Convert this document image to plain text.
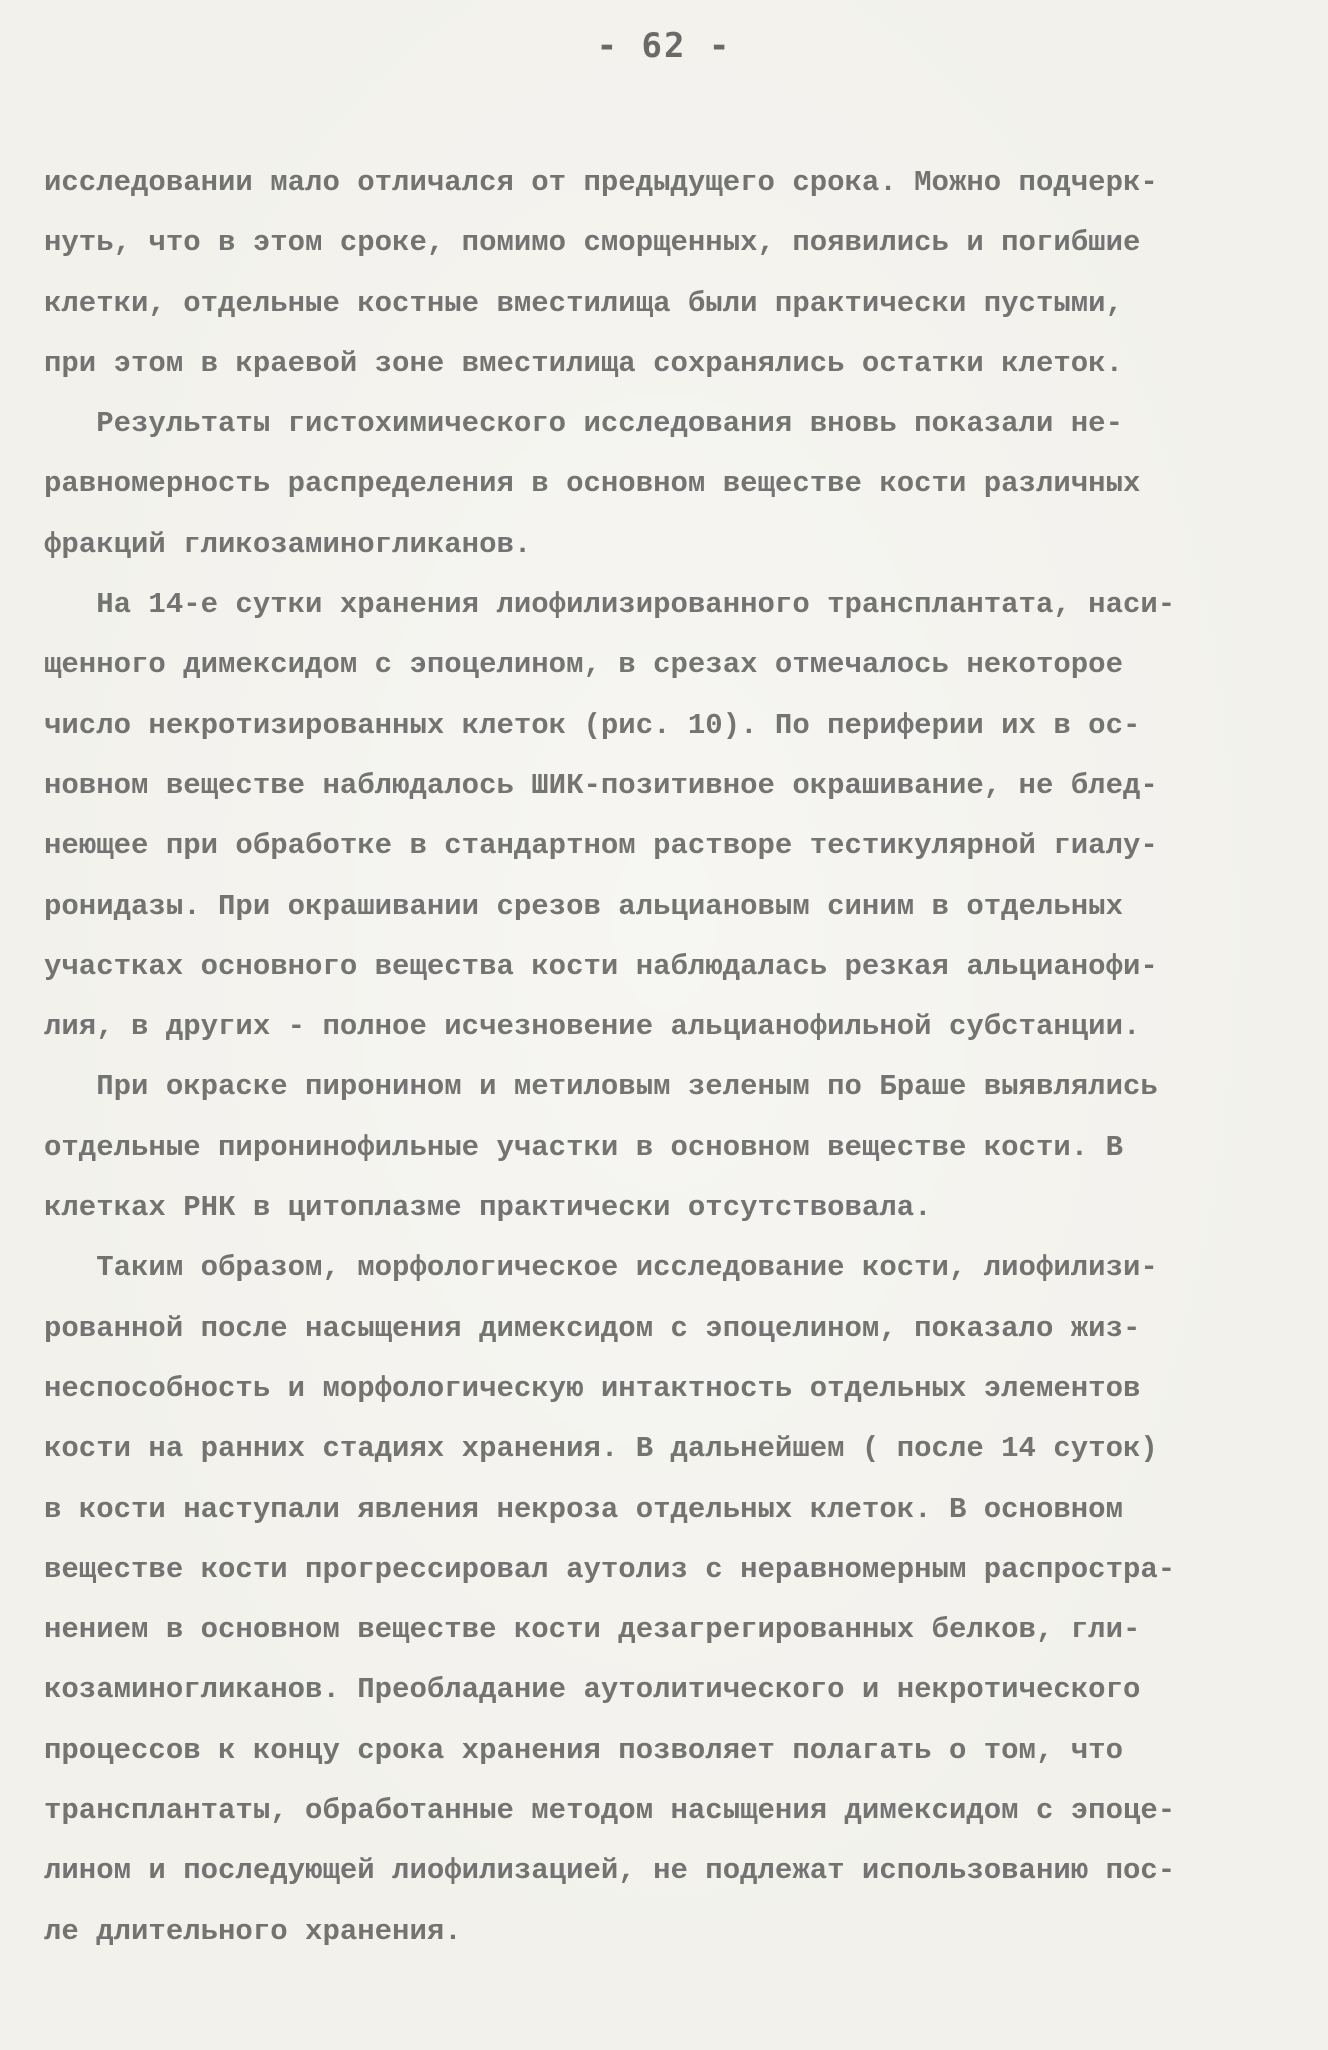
- 62 -
исследовании мало отличался от предыдущего срока. Можно подчерк-
нуть, что в этом сроке, помимо сморщенных, появились и погибшие
клетки, отдельные костные вместилища были практически пустыми,
при этом в краевой зоне вместилища сохранялись остатки клеток.
Результаты гистохимического исследования вновь показали не-
равномерность распределения в основном веществе кости различных
фракций гликозаминогликанов.
На 14-е сутки хранения лиофилизированного трансплантата, наси-
щенного димексидом с эпоцелином, в срезах отмечалось некоторое
число некротизированных клеток (рис. 10). По периферии их в ос-
новном веществе наблюдалось ШИК-позитивное окрашивание, не блед-
неющее при обработке в стандартном растворе тестикулярной гиалу-
ронидазы. При окрашивании срезов альциановым синим в отдельных
участках основного вещества кости наблюдалась резкая альцианофи-
лия, в других - полное исчезновение альцианофильной субстанции.
При окраске пиронином и метиловым зеленым по Браше выявлялись
отдельные пиронинофильные участки в основном веществе кости. В
клетках РНК в цитоплазме практически отсутствовала.
Таким образом, морфологическое исследование кости, лиофилизи-
рованной после насыщения димексидом с эпоцелином, показало жиз-
неспособность и морфологическую интактность отдельных элементов
кости на ранних стадиях хранения. В дальнейшем ( после 14 суток)
в кости наступали явления некроза отдельных клеток. В основном
веществе кости прогрессировал аутолиз с неравномерным распростра-
нением в основном веществе кости дезагрегированных белков, гли-
козаминогликанов. Преобладание аутолитического и некротического
процессов к концу срока хранения позволяет полагать о том, что
трансплантаты, обработанные методом насыщения димексидом с эпоце-
лином и последующей лиофилизацией, не подлежат использованию пос-
ле длительного хранения.
